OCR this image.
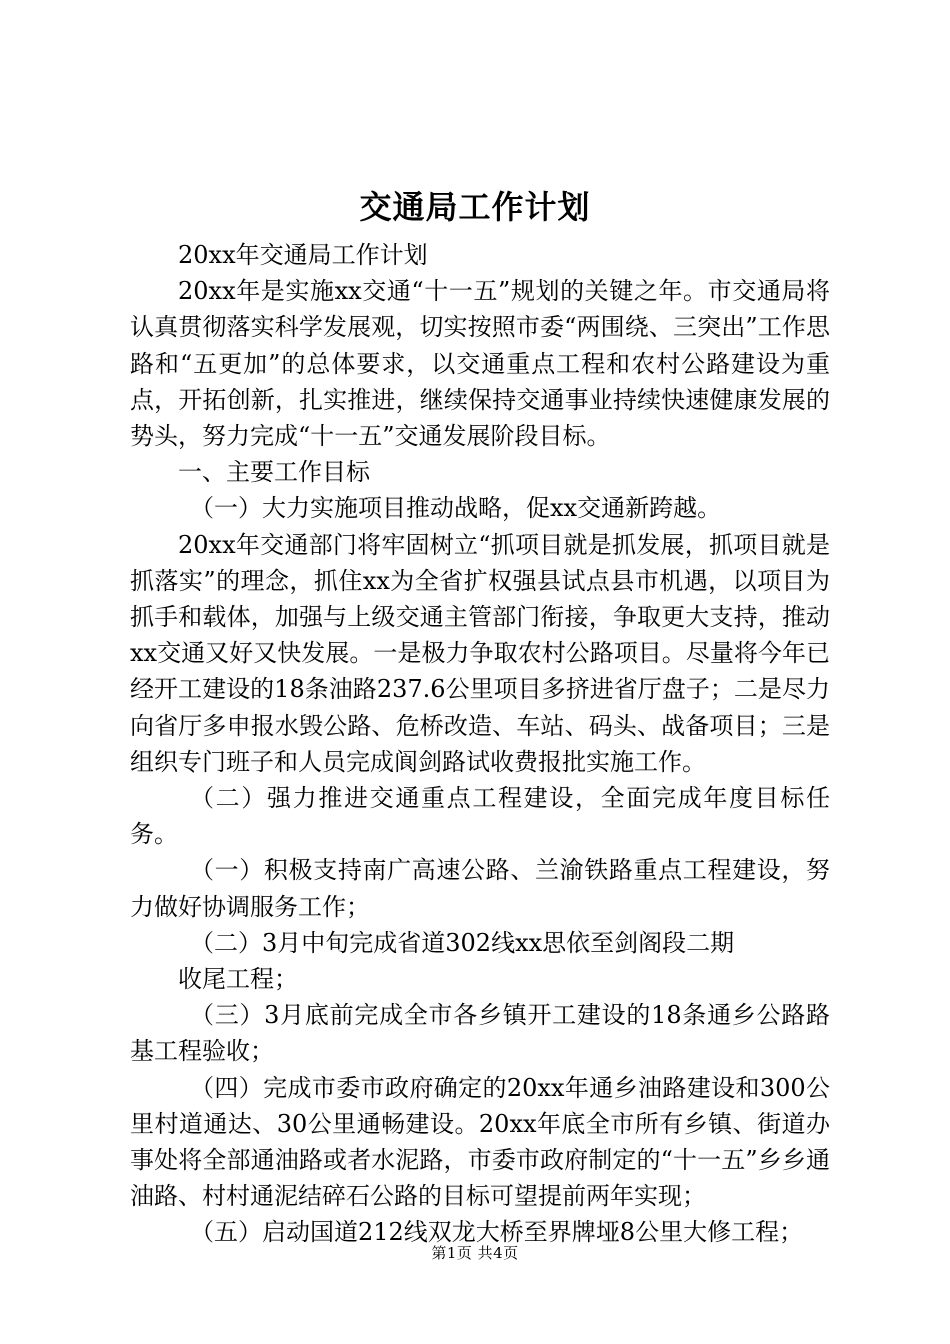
交通局工作计划

20xx年交通局工作计划

20xx年是实施xx交通“十一五”规划的关键之年。市交通局将认真贯彻落实科学发展观，切实按照市委“两围绕、三突出”工作思路和“五更加”的总体要求，以交通重点工程和农村公路建设为重点，开拓创新，扎实推进，继续保持交通事业持续快速健康发展的势头，努力完成“十一五”交通发展阶段目标。

一、主要工作目标

（一）大力实施项目推动战略，促xx交通新跨越。

20xx年交通部门将牢固树立“抓项目就是抓发展，抓项目就是抓落实”的理念，抓住xx为全省扩权强县试点县市机遇，以项目为抓手和载体，加强与上级交通主管部门衔接，争取更大支持，推动xx交通又好又快发展。一是极力争取农村公路项目。尽量将今年已经开工建设的18条油路237.6公里项目多挤进省厅盘子；二是尽力向省厅多申报水毁公路、危桥改造、车站、码头、战备项目；三是组织专门班子和人员完成阆剑路试收费报批实施工作。

（二）强力推进交通重点工程建设，全面完成年度目标任务。

（一）积极支持南广高速公路、兰渝铁路重点工程建设，努力做好协调服务工作；

（二）3月中旬完成省道302线xx思依至剑阁段二期

收尾工程；

（三）3月底前完成全市各乡镇开工建设的18条通乡公路路基工程验收；

（四）完成市委市政府确定的20xx年通乡油路建设和300公里村道通达、30公里通畅建设。20xx年底全市所有乡镇、街道办事处将全部通油路或者水泥路，市委市政府制定的“十一五”乡乡通油路、村村通泥结碎石公路的目标可望提前两年实现；

（五）启动国道212线双龙大桥至界牌垭8公里大修工程；

第1页 共4页
